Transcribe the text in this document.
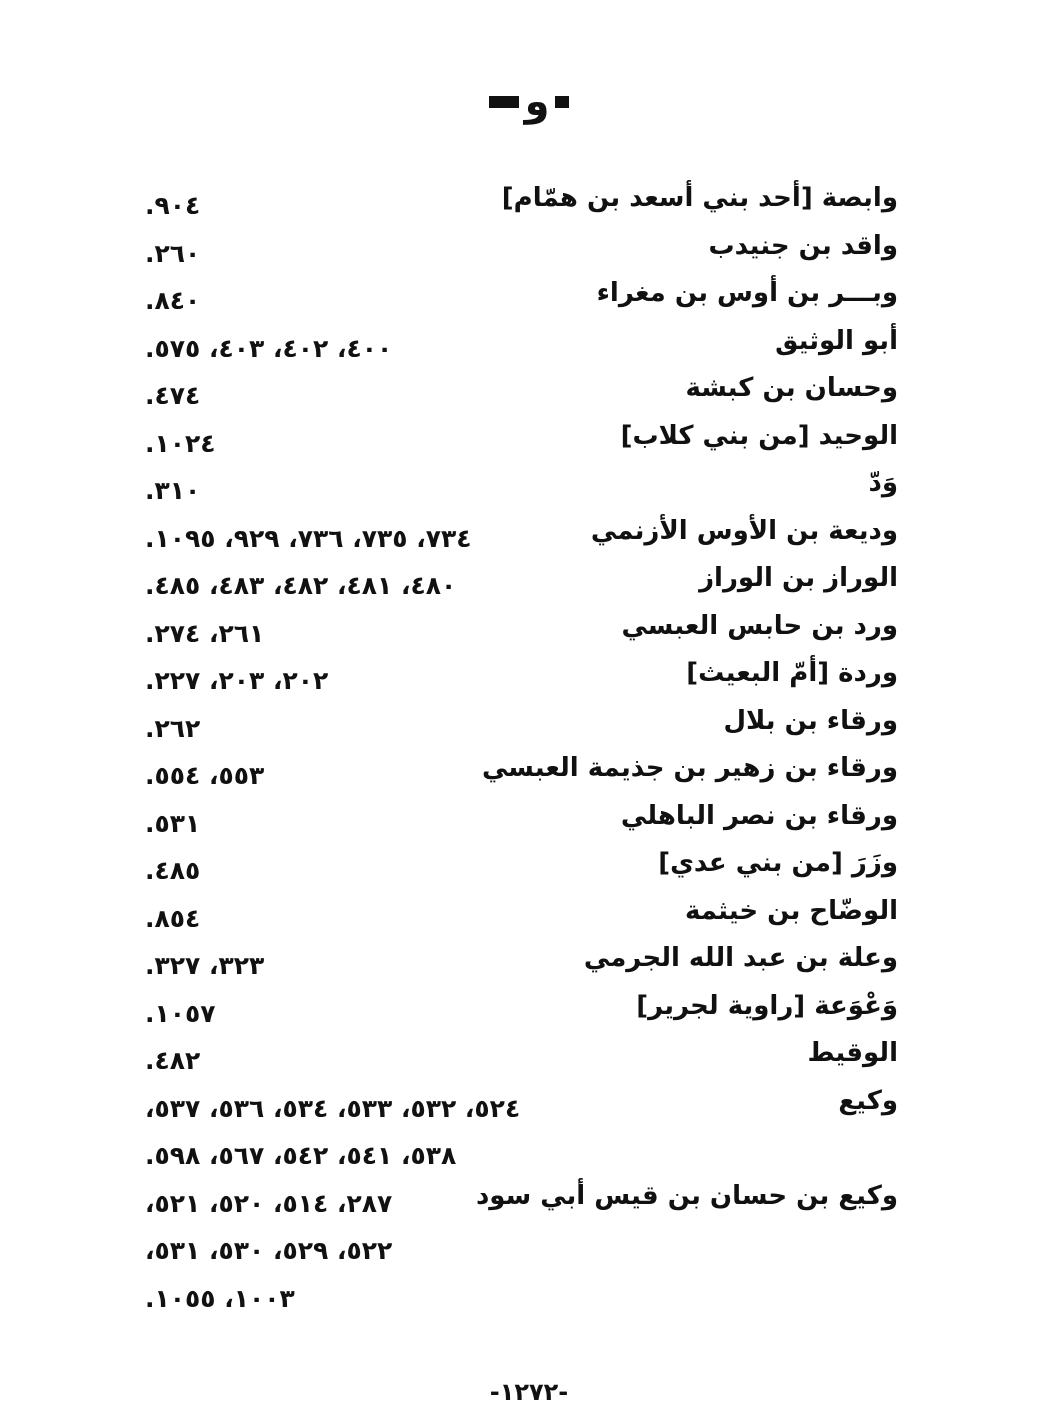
و
وابصة [أحد بني أسعد بن همّام]
٩٠٤.
واقد بن جنيدب
٢٦٠.
وبـــر بن أوس بن مغراء
٨٤٠.
أبو الوثيق
٤٠٠، ٤٠٢، ٤٠٣، ٥٧٥.
وحسان بن كبشة
٤٧٤.
الوحيد [من بني كلاب]
١٠٢٤.
وَدّ
٣١٠.
وديعة بن الأوس الأزنمي
٧٣٤، ٧٣٥، ٧٣٦، ٩٢٩، ١٠٩٥.
الوراز بن الوراز
٤٨٠، ٤٨١، ٤٨٢، ٤٨٣، ٤٨٥.
ورد بن حابس العبسي
٢٦١، ٢٧٤.
وردة [أمّ البعيث]
٢٠٢، ٢٠٣، ٢٢٧.
ورقاء بن بلال
٢٦٢.
ورقاء بن زهير بن جذيمة العبسي
٥٥٣، ٥٥٤.
ورقاء بن نصر الباهلي
٥٣١.
وزَرَ [من بني عدي]
٤٨٥.
الوضّاح بن خيثمة
٨٥٤.
وعلة بن عبد الله الجرمي
٣٢٣، ٣٢٧.
وَعْوَعة [راوية لجرير]
١٠٥٧.
الوقيط
٤٨٢.
وكيع
٥٢٤، ٥٣٢، ٥٣٣، ٥٣٤، ٥٣٦، ٥٣٧،
٥٣٨، ٥٤١، ٥٤٢، ٥٦٧، ٥٩٨.
وكيع بن حسان بن قيس أبي سود
٢٨٧، ٥١٤، ٥٢٠، ٥٢١،
٥٢٢، ٥٢٩، ٥٣٠، ٥٣١،
١٠٠٣، ١٠٥٥.
-١٢٧٢-
